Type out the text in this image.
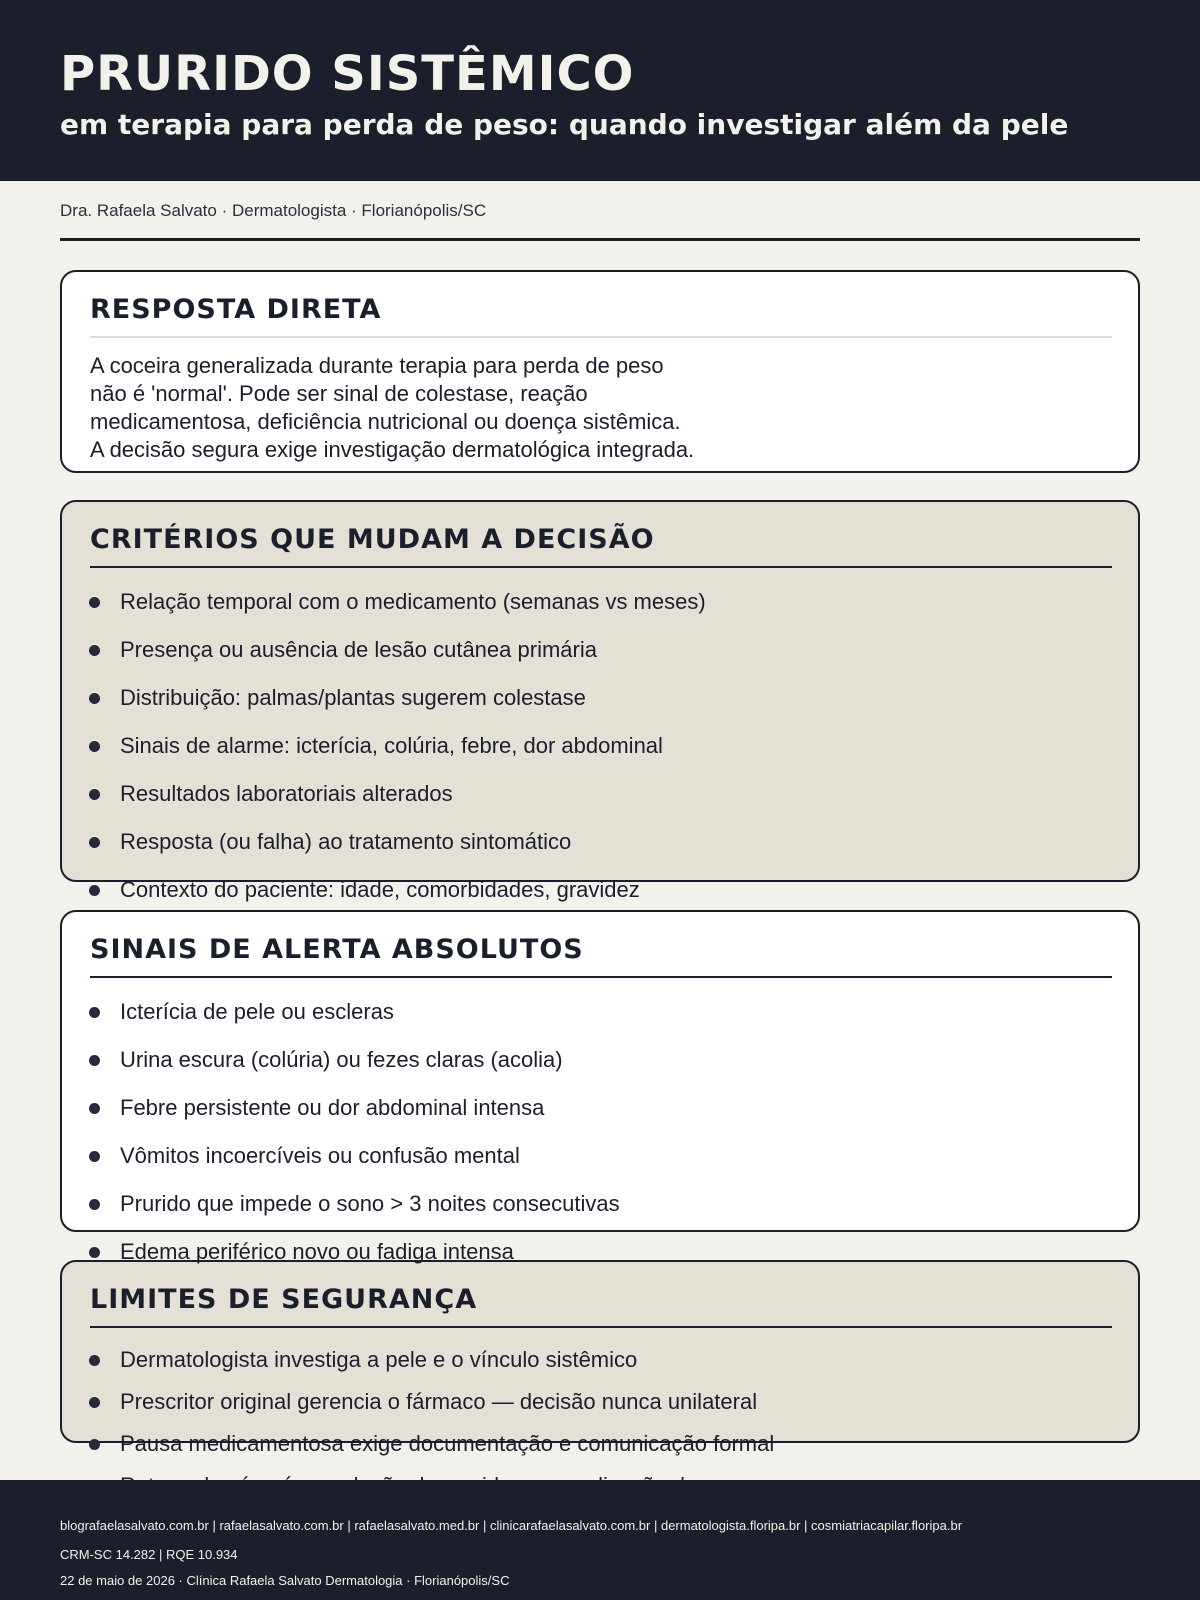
PRURIDO SISTÊMICO
em terapia para perda de peso: quando investigar além da pele
Dra. Rafaela Salvato · Dermatologista · Florianópolis/SC
RESPOSTA DIRETA
A coceira generalizada durante terapia para perda de peso
não é 'normal'. Pode ser sinal de colestase, reação
medicamentosa, deficiência nutricional ou doença sistêmica.
A decisão segura exige investigação dermatológica integrada.
CRITÉRIOS QUE MUDAM A DECISÃO
SINAIS DE ALERTA ABSOLUTOS
LIMITES DE SEGURANÇA
Relação temporal com o medicamento (semanas vs meses)
Presença ou ausência de lesão cutânea primária
Distribuição: palmas/plantas sugerem colestase
Sinais de alarme: icterícia, colúria, febre, dor abdominal
Resultados laboratoriais alterados
Resposta (ou falha) ao tratamento sintomático
Contexto do paciente: idade, comorbidades, gravidez
Icterícia de pele ou escleras
Urina escura (colúria) ou fezes claras (acolia)
Febre persistente ou dor abdominal intensa
Vômitos incoercíveis ou confusão mental
Prurido que impede o sono > 3 noites consecutivas
Edema periférico novo ou fadiga intensa
Dermatologista investiga a pele e o vínculo sistêmico
Prescritor original gerencia o fármaco — decisão nunca unilateral
Pausa medicamentosa exige documentação e comunicação formal
blografaelasalvato.com.br | rafaelasalvato.com.br | rafaelasalvato.med.br | clinicarafaelasalvato.com.br | dermatologista.floripa.br | cosmiatriacapilar.floripa.br
CRM-SC 14.282 | RQE 10.934
22 de maio de 2026 · Clínica Rafaela Salvato Dermatologia · Florianópolis/SC
